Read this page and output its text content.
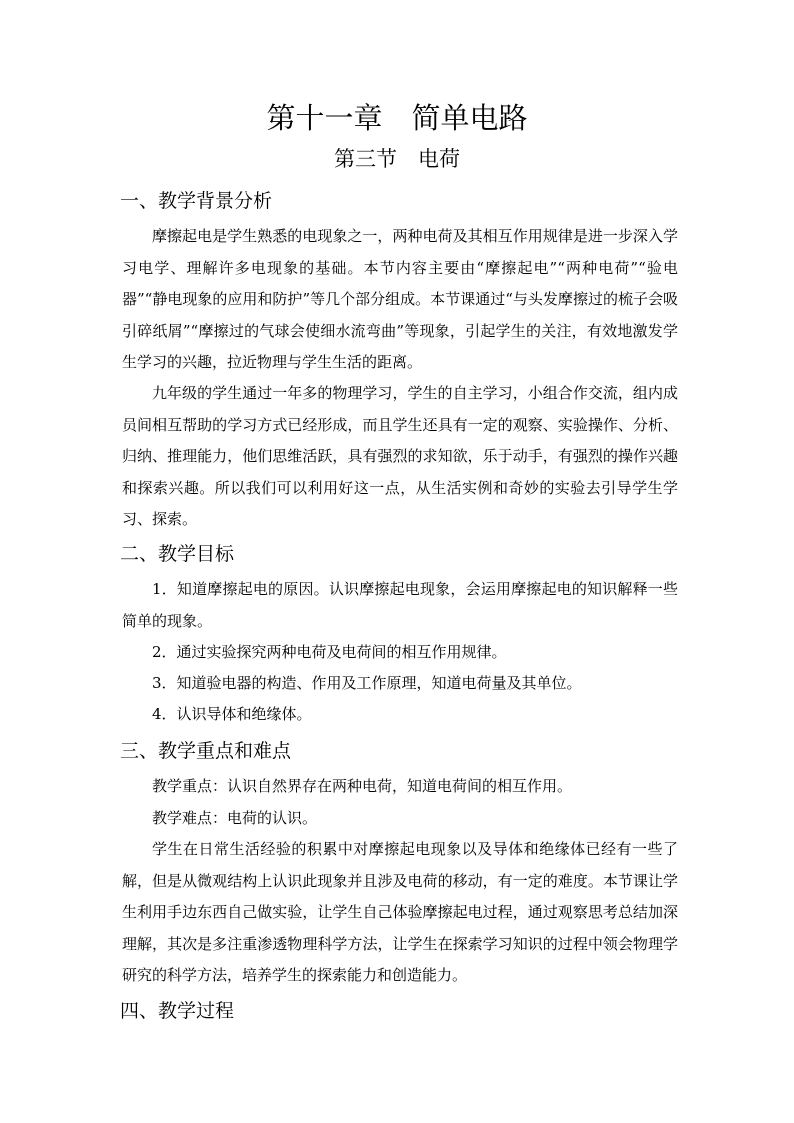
第十一章　简单电路
第三节　电荷
一、教学背景分析
摩擦起电是学生熟悉的电现象之一，两种电荷及其相互作用规律是进一步深入学习电学、理解许多电现象的基础。本节内容主要由“摩擦起电”“两种电荷”“验电器”“静电现象的应用和防护”等几个部分组成。本节课通过“与头发摩擦过的梳子会吸引碎纸屑”“摩擦过的气球会使细水流弯曲”等现象，引起学生的关注，有效地激发学生学习的兴趣，拉近物理与学生生活的距离。
九年级的学生通过一年多的物理学习，学生的自主学习，小组合作交流，组内成员间相互帮助的学习方式已经形成，而且学生还具有一定的观察、实验操作、分析、归纳、推理能力，他们思维活跃，具有强烈的求知欲，乐于动手，有强烈的操作兴趣和探索兴趣。所以我们可以利用好这一点，从生活实例和奇妙的实验去引导学生学习、探索。
二、教学目标
1．知道摩擦起电的原因。认识摩擦起电现象，会运用摩擦起电的知识解释一些简单的现象。
2．通过实验探究两种电荷及电荷间的相互作用规律。
3．知道验电器的构造、作用及工作原理，知道电荷量及其单位。
4．认识导体和绝缘体。
三、教学重点和难点
教学重点：认识自然界存在两种电荷，知道电荷间的相互作用。
教学难点：电荷的认识。
学生在日常生活经验的积累中对摩擦起电现象以及导体和绝缘体已经有一些了解，但是从微观结构上认识此现象并且涉及电荷的移动，有一定的难度。本节课让学生利用手边东西自己做实验，让学生自己体验摩擦起电过程，通过观察思考总结加深理解，其次是多注重渗透物理科学方法，让学生在探索学习知识的过程中领会物理学研究的科学方法，培养学生的探索能力和创造能力。
四、教学过程
